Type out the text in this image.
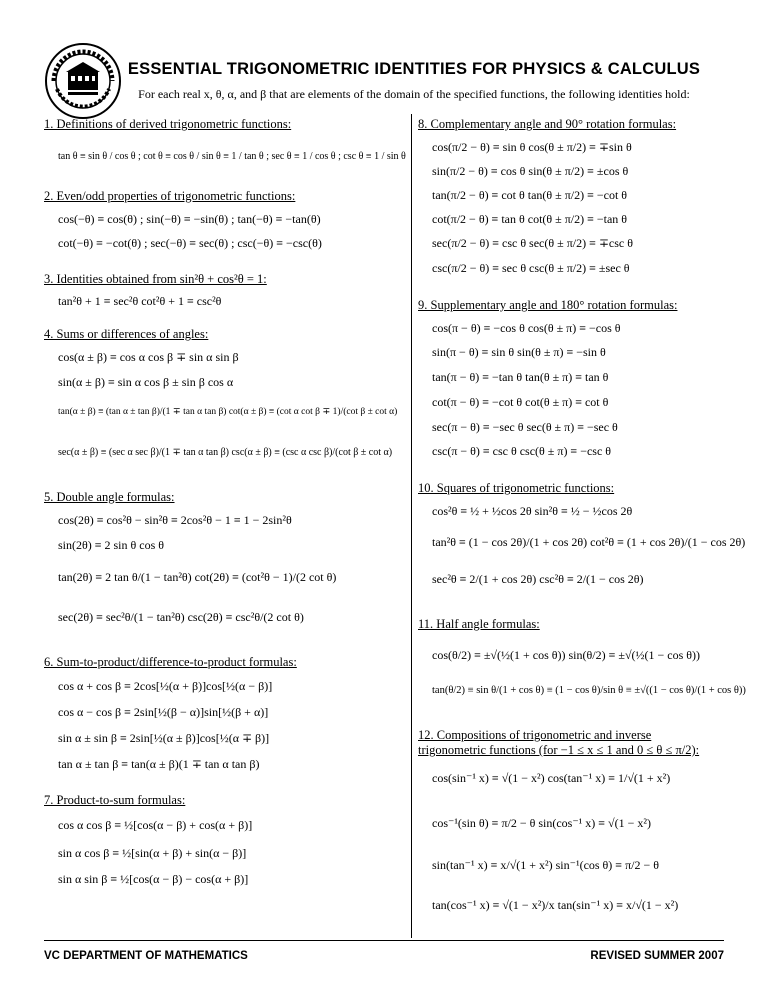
ESSENTIAL TRIGONOMETRIC IDENTITIES FOR PHYSICS & CALCULUS
For each real x, θ, α, and β that are elements of the domain of the specified functions, the following identities hold:
1. Definitions of derived trigonometric functions:
tan θ ≡ sin θ / cos θ ; cot θ ≡ cos θ / sin θ ≡ 1 / tan θ ; sec θ ≡ 1 / cos θ ; csc θ ≡ 1 / sin θ
2. Even/odd properties of trigonometric functions:
cos(−θ) ≡ cos(θ) ; sin(−θ) ≡ −sin(θ) ; tan(−θ) ≡ −tan(θ)
cot(−θ) ≡ −cot(θ) ; sec(−θ) ≡ sec(θ) ; csc(−θ) ≡ −csc(θ)
3. Identities obtained from sin²θ + cos²θ = 1:
tan²θ + 1 ≡ sec²θ cot²θ + 1 ≡ csc²θ
4. Sums or differences of angles:
cos(α ± β) ≡ cos α cos β ∓ sin α sin β
sin(α ± β) ≡ sin α cos β ± sin β cos α
tan(α ± β) ≡ (tan α ± tan β)/(1 ∓ tan α tan β) cot(α ± β) ≡ (cot α cot β ∓ 1)/(cot β ± cot α)
sec(α ± β) ≡ (sec α sec β)/(1 ∓ tan α tan β) csc(α ± β) ≡ (csc α csc β)/(cot β ± cot α)
5. Double angle formulas:
cos(2θ) ≡ cos²θ − sin²θ ≡ 2cos²θ − 1 ≡ 1 − 2sin²θ
sin(2θ) ≡ 2 sin θ cos θ
tan(2θ) ≡ 2 tan θ/(1 − tan²θ) cot(2θ) ≡ (cot²θ − 1)/(2 cot θ)
sec(2θ) ≡ sec²θ/(1 − tan²θ) csc(2θ) ≡ csc²θ/(2 cot θ)
6. Sum-to-product/difference-to-product formulas:
cos α + cos β ≡ 2cos[½(α + β)]cos[½(α − β)]
cos α − cos β ≡ 2sin[½(β − α)]sin[½(β + α)]
sin α ± sin β ≡ 2sin[½(α ± β)]cos[½(α ∓ β)]
tan α ± tan β ≡ tan(α ± β)(1 ∓ tan α tan β)
7. Product-to-sum formulas:
cos α cos β ≡ ½[cos(α − β) + cos(α + β)]
sin α cos β ≡ ½[sin(α + β) + sin(α − β)]
sin α sin β ≡ ½[cos(α − β) − cos(α + β)]
8. Complementary angle and 90° rotation formulas:
cos(π/2 − θ) ≡ sin θ cos(θ ± π/2) ≡ ∓sin θ
sin(π/2 − θ) ≡ cos θ sin(θ ± π/2) ≡ ±cos θ
tan(π/2 − θ) ≡ cot θ tan(θ ± π/2) ≡ −cot θ
cot(π/2 − θ) ≡ tan θ cot(θ ± π/2) ≡ −tan θ
sec(π/2 − θ) ≡ csc θ sec(θ ± π/2) ≡ ∓csc θ
csc(π/2 − θ) ≡ sec θ csc(θ ± π/2) ≡ ±sec θ
9. Supplementary angle and 180° rotation formulas:
cos(π − θ) ≡ −cos θ cos(θ ± π) ≡ −cos θ
sin(π − θ) ≡ sin θ sin(θ ± π) ≡ −sin θ
tan(π − θ) ≡ −tan θ tan(θ ± π) ≡ tan θ
cot(π − θ) ≡ −cot θ cot(θ ± π) ≡ cot θ
sec(π − θ) ≡ −sec θ sec(θ ± π) ≡ −sec θ
csc(π − θ) ≡ csc θ csc(θ ± π) ≡ −csc θ
10. Squares of trigonometric functions:
cos²θ ≡ ½ + ½cos 2θ sin²θ ≡ ½ − ½cos 2θ
tan²θ ≡ (1 − cos 2θ)/(1 + cos 2θ) cot²θ ≡ (1 + cos 2θ)/(1 − cos 2θ)
sec²θ ≡ 2/(1 + cos 2θ) csc²θ ≡ 2/(1 − cos 2θ)
11. Half angle formulas:
cos(θ/2) ≡ ±√(½(1 + cos θ)) sin(θ/2) ≡ ±√(½(1 − cos θ))
tan(θ/2) ≡ sin θ/(1 + cos θ) ≡ (1 − cos θ)/sin θ ≡ ±√((1 − cos θ)/(1 + cos θ))
12. Compositions of trigonometric and inverse
trigonometric functions (for −1 ≤ x ≤ 1 and 0 ≤ θ ≤ π/2):
cos(sin⁻¹ x) ≡ √(1 − x²) cos(tan⁻¹ x) ≡ 1/√(1 + x²)
cos⁻¹(sin θ) ≡ π/2 − θ sin(cos⁻¹ x) ≡ √(1 − x²)
sin(tan⁻¹ x) ≡ x/√(1 + x²) sin⁻¹(cos θ) ≡ π/2 − θ
tan(cos⁻¹ x) ≡ √(1 − x²)/x tan(sin⁻¹ x) ≡ x/√(1 − x²)
VC DEPARTMENT OF MATHEMATICS	REVISED SUMMER 2007
